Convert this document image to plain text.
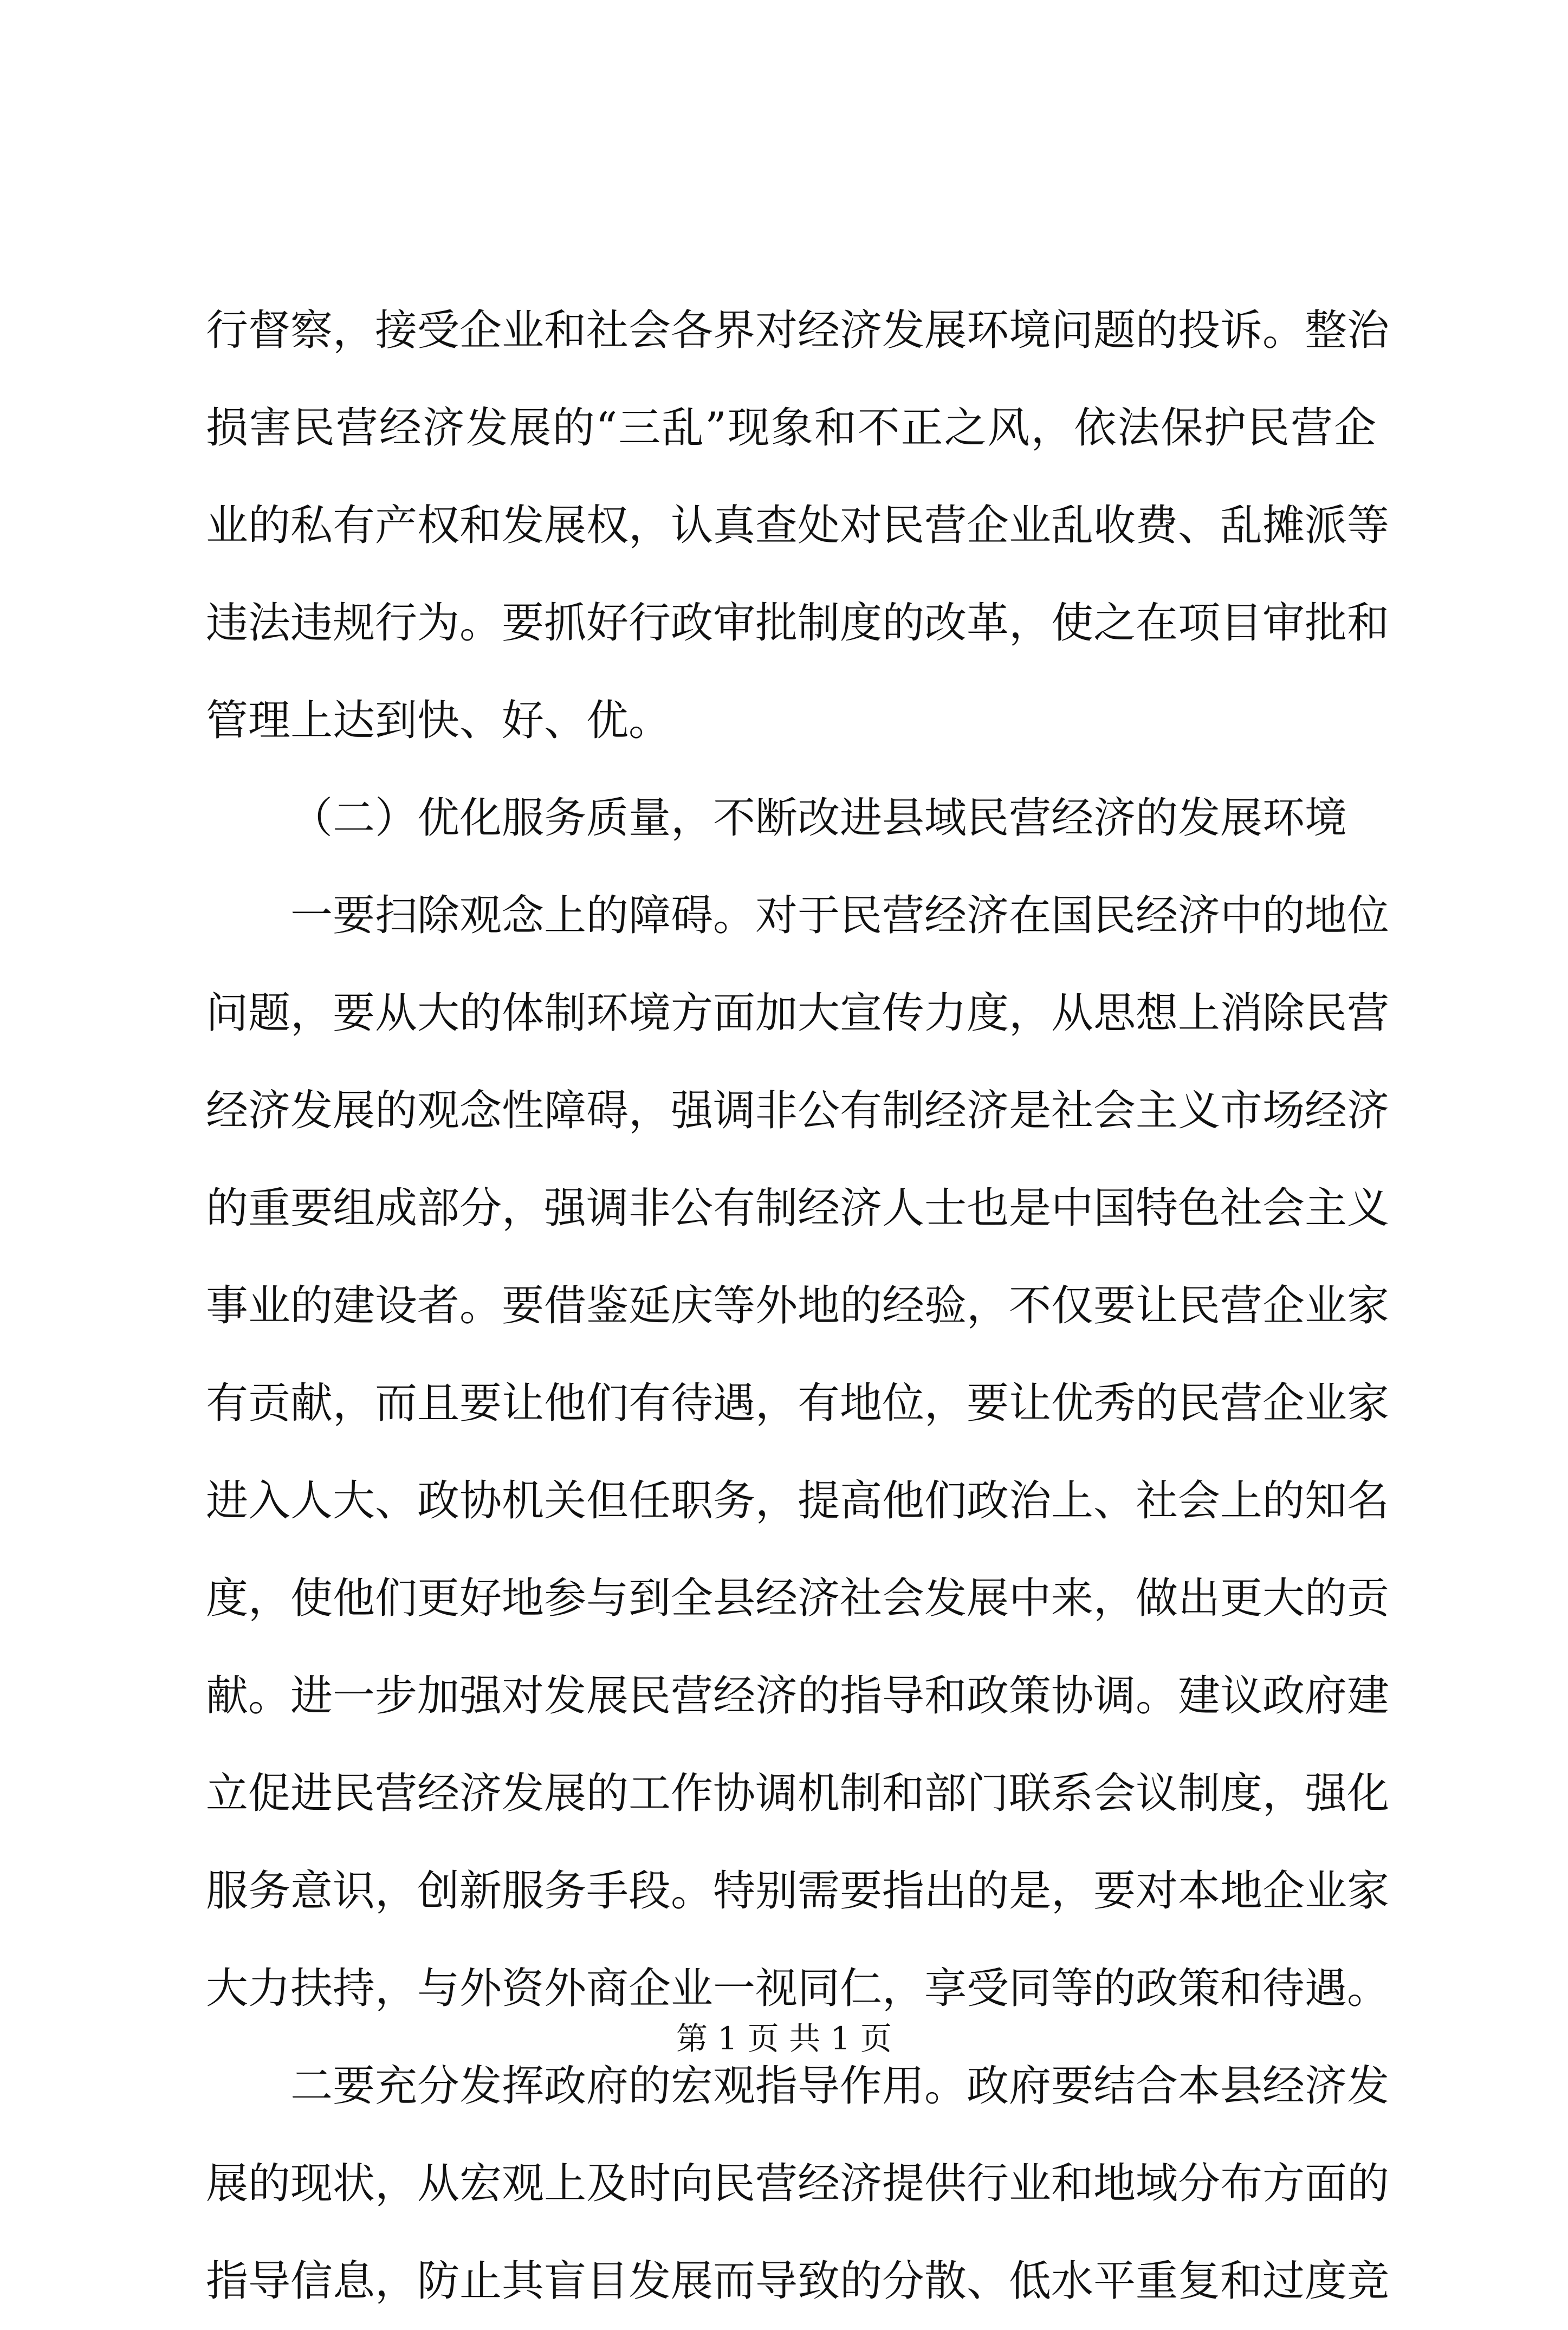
行督察，接受企业和社会各界对经济发展环境问题的投诉。整治
损害民营经济发展的“三乱”现象和不正之风，依法保护民营企
业的私有产权和发展权，认真查处对民营企业乱收费、乱摊派等
违法违规行为。要抓好行政审批制度的改革，使之在项目审批和
管理上达到快、好、优。
（二）优化服务质量，不断改进县域民营经济的发展环境
一要扫除观念上的障碍。对于民营经济在国民经济中的地位
问题，要从大的体制环境方面加大宣传力度，从思想上消除民营
经济发展的观念性障碍，强调非公有制经济是社会主义市场经济
的重要组成部分，强调非公有制经济人士也是中国特色社会主义
事业的建设者。要借鉴延庆等外地的经验，不仅要让民营企业家
有贡献，而且要让他们有待遇，有地位，要让优秀的民营企业家
进入人大、政协机关但任职务，提高他们政治上、社会上的知名
度，使他们更好地参与到全县经济社会发展中来，做出更大的贡
献。进一步加强对发展民营经济的指导和政策协调。建议政府建
立促进民营经济发展的工作协调机制和部门联系会议制度，强化
服务意识，创新服务手段。特别需要指出的是，要对本地企业家
大力扶持，与外资外商企业一视同仁，享受同等的政策和待遇。
二要充分发挥政府的宏观指导作用。政府要结合本县经济发
展的现状，从宏观上及时向民营经济提供行业和地域分布方面的
指导信息，防止其盲目发展而导致的分散、低水平重复和过度竞
第 1 页 共 1 页
